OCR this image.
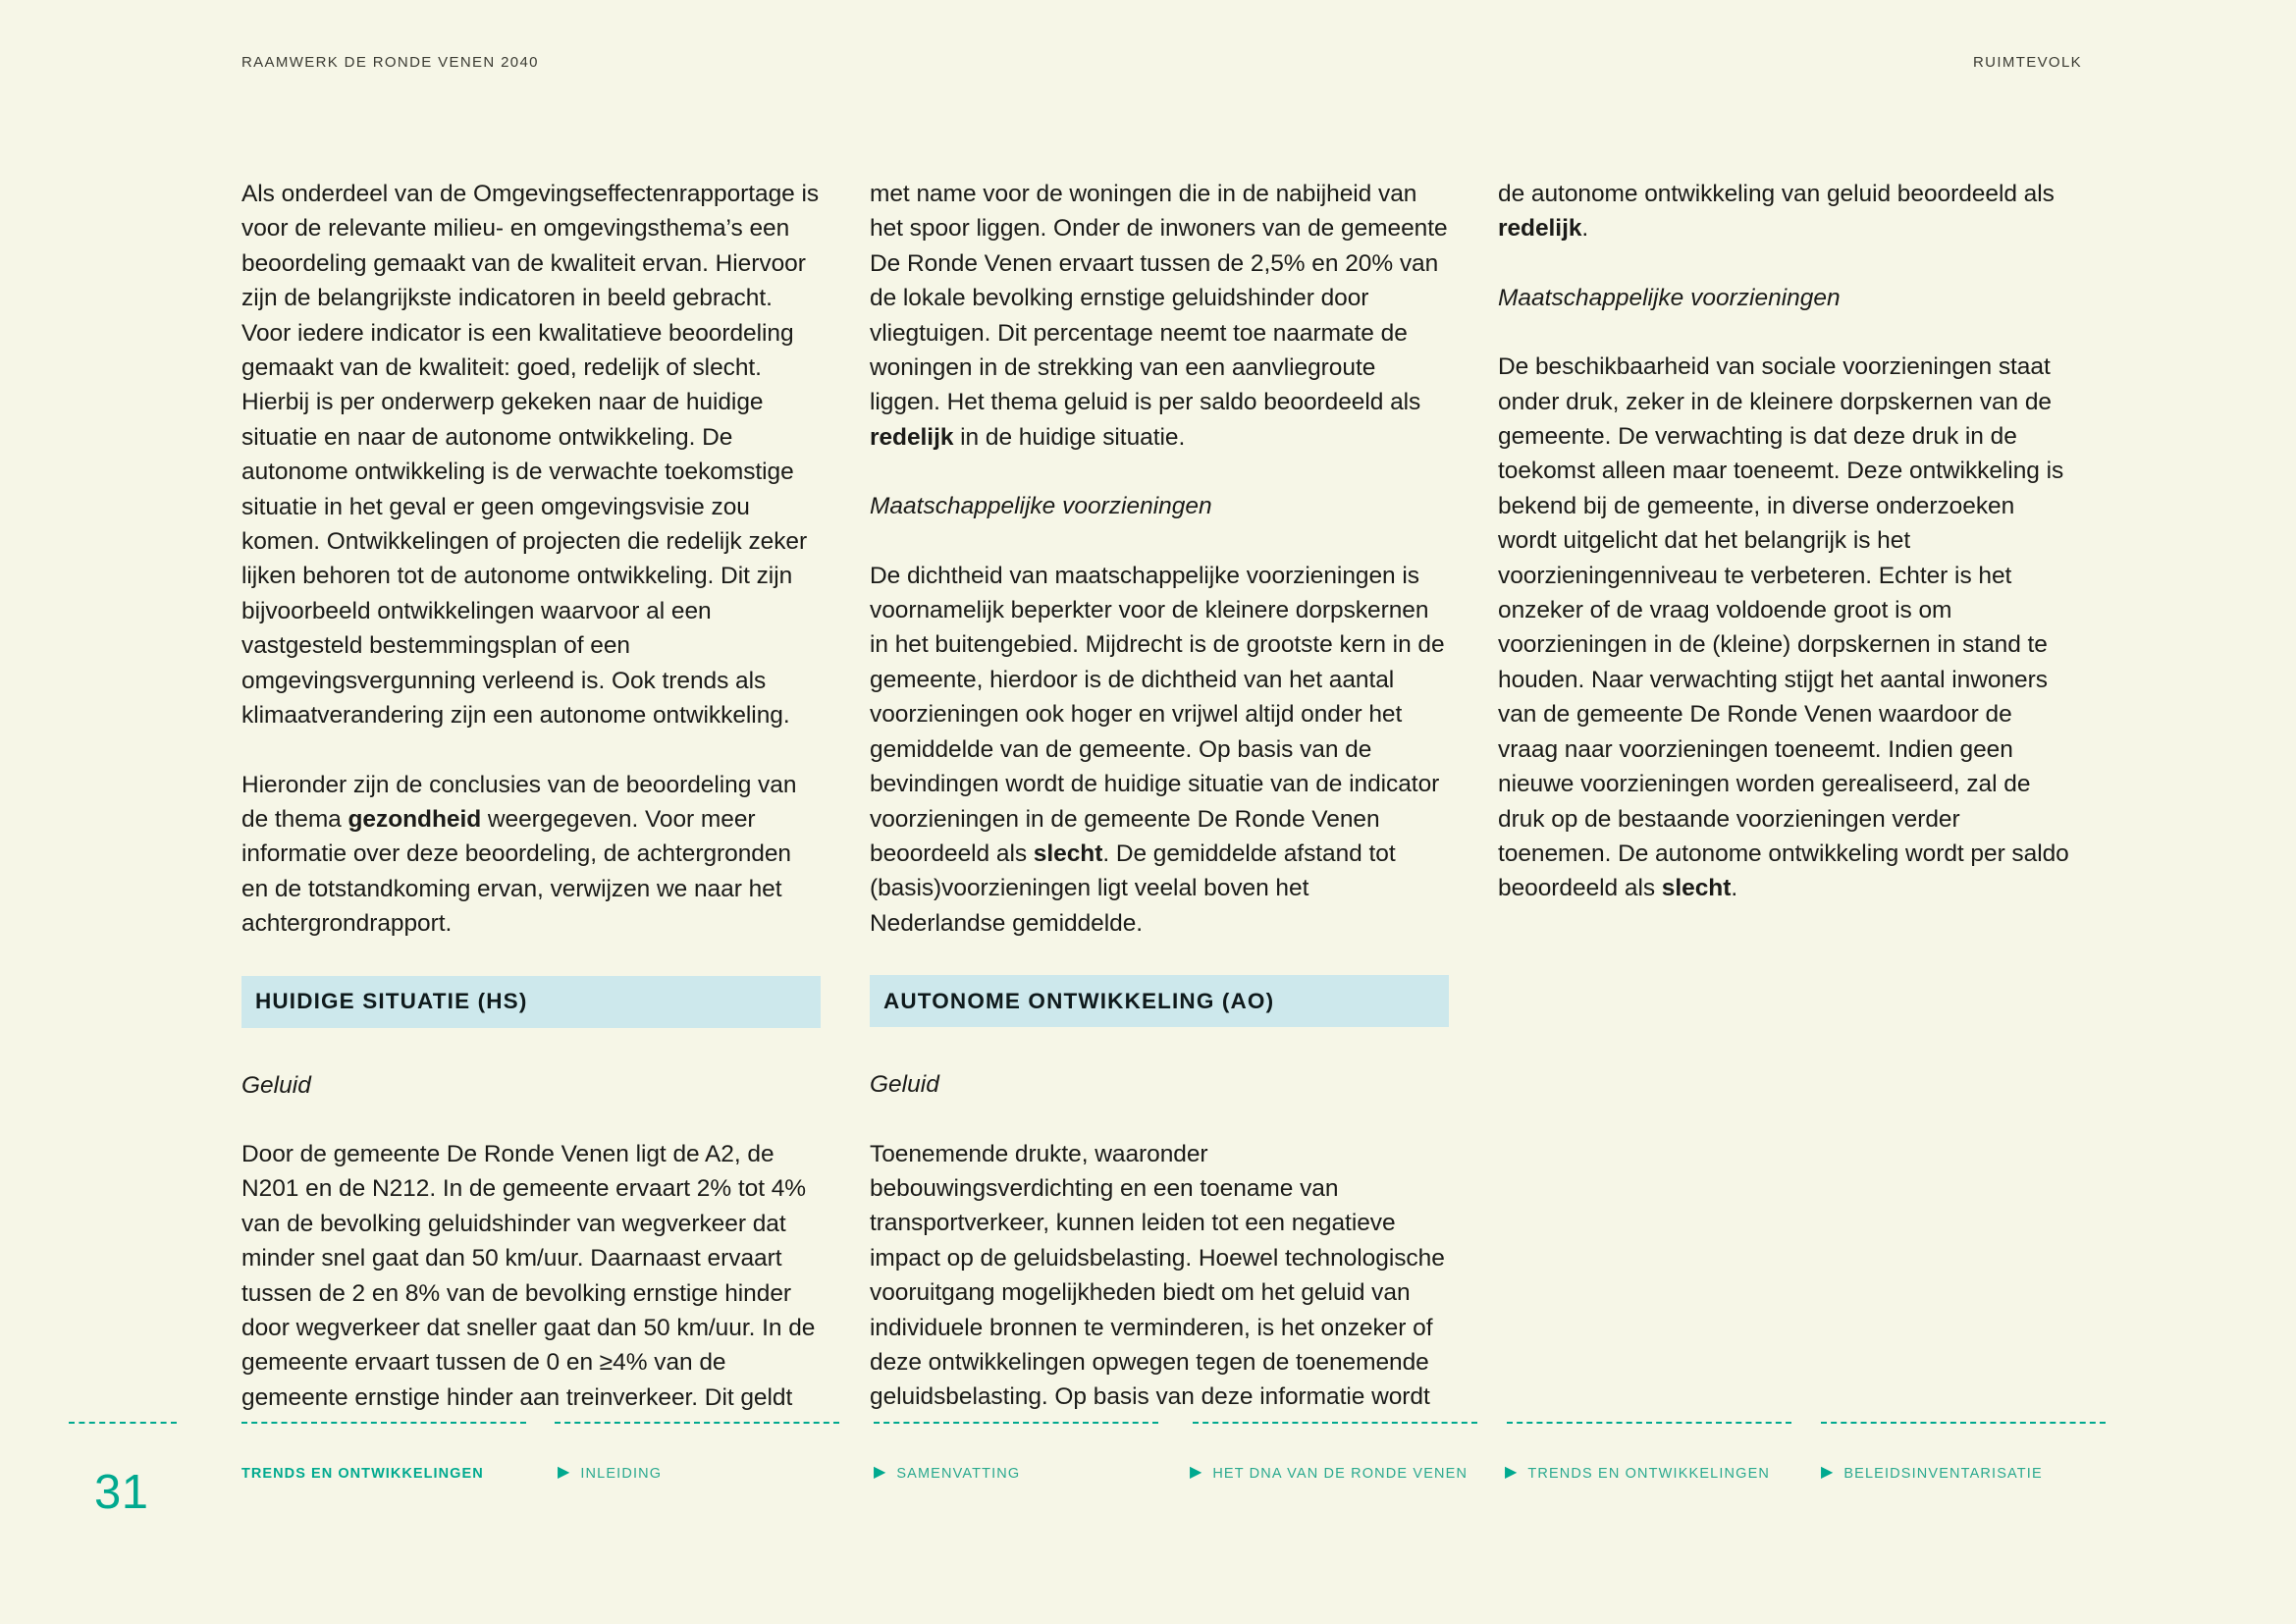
RAAMWERK DE RONDE VENEN 2040	RUIMTEVOLK

Als onderdeel van de Omgevingseffectenrapportage is voor de relevante milieu- en omgevingsthema’s een beoordeling gemaakt van de kwaliteit ervan. Hiervoor zijn de belangrijkste indicatoren in beeld gebracht. Voor iedere indicator is een kwalitatieve beoordeling gemaakt van de kwaliteit: goed, redelijk of slecht. Hierbij is per onderwerp gekeken naar de huidige situatie en naar de autonome ontwikkeling. De autonome ontwikkeling is de verwachte toekomstige situatie in het geval er geen omgevingsvisie zou komen. Ontwikkelingen of projecten die redelijk zeker lijken behoren tot de autonome ontwikkeling. Dit zijn bijvoorbeeld ontwikkelingen waarvoor al een vastgesteld bestemmingsplan of een omgevingsvergunning verleend is. Ook trends als klimaatverandering zijn een autonome ontwikkeling.

Hieronder zijn de conclusies van de beoordeling van de thema gezondheid weergegeven. Voor meer informatie over deze beoordeling, de achtergronden en de totstandkoming ervan, verwijzen we naar het achtergrondrapport.

HUIDIGE SITUATIE (HS)
Geluid

Door de gemeente De Ronde Venen ligt de A2, de N201 en de N212. In de gemeente ervaart 2% tot 4% van de bevolking geluidshinder van wegverkeer dat minder snel gaat dan 50 km/uur. Daarnaast ervaart tussen de 2 en 8% van de bevolking ernstige hinder door wegverkeer dat sneller gaat dan 50 km/uur. In de gemeente ervaart tussen de 0 en ≥4% van de gemeente ernstige hinder aan treinverkeer. Dit geldt

met name voor de woningen die in de nabijheid van het spoor liggen. Onder de inwoners van de gemeente De Ronde Venen ervaart tussen de 2,5% en 20% van de lokale bevolking ernstige geluidshinder door vliegtuigen. Dit percentage neemt toe naarmate de woningen in de strekking van een aanvliegroute liggen. Het thema geluid is per saldo beoordeeld als redelijk in de huidige situatie.

Maatschappelijke voorzieningen

De dichtheid van maatschappelijke voorzieningen is voornamelijk beperkter voor de kleinere dorpskernen in het buitengebied. Mijdrecht is de grootste kern in de gemeente, hierdoor is de dichtheid van het aantal voorzieningen ook hoger en vrijwel altijd onder het gemiddelde van de gemeente. Op basis van de bevindingen wordt de huidige situatie van de indicator voorzieningen in de gemeente De Ronde Venen beoordeeld als slecht. De gemiddelde afstand tot (basis)voorzieningen ligt veelal boven het Nederlandse gemiddelde.

AUTONOME ONTWIKKELING (AO)
Geluid

Toenemende drukte, waaronder bebouwingsverdichting en een toename van transportverkeer, kunnen leiden tot een negatieve impact op de geluidsbelasting. Hoewel technologische vooruitgang mogelijkheden biedt om het geluid van individuele bronnen te verminderen, is het onzeker of deze ontwikkelingen opwegen tegen de toenemende geluidsbelasting. Op basis van deze informatie wordt

de autonome ontwikkeling van geluid beoordeeld als redelijk.

Maatschappelijke voorzieningen

De beschikbaarheid van sociale voorzieningen staat onder druk, zeker in de kleinere dorpskernen van de gemeente. De verwachting is dat deze druk in de toekomst alleen maar toeneemt. Deze ontwikkeling is bekend bij de gemeente, in diverse onderzoeken wordt uitgelicht dat het belangrijk is het voorzieningenniveau te verbeteren. Echter is het onzeker of de vraag voldoende groot is om voorzieningen in de (kleine) dorpskernen in stand te houden. Naar verwachting stijgt het aantal inwoners van de gemeente De Ronde Venen waardoor de vraag naar voorzieningen toeneemt. Indien geen nieuwe voorzieningen worden gerealiseerd, zal de druk op de bestaande voorzieningen verder toenemen. De autonome ontwikkeling wordt per saldo beoordeeld als slecht.

31	TRENDS EN ONTWIKKELINGEN	▶ INLEIDING	▶ SAMENVATTING	▶ HET DNA VAN DE RONDE VENEN ▶ TRENDS EN ONTWIKKELINGEN	▶ BELEIDSINVENTARISATIE
